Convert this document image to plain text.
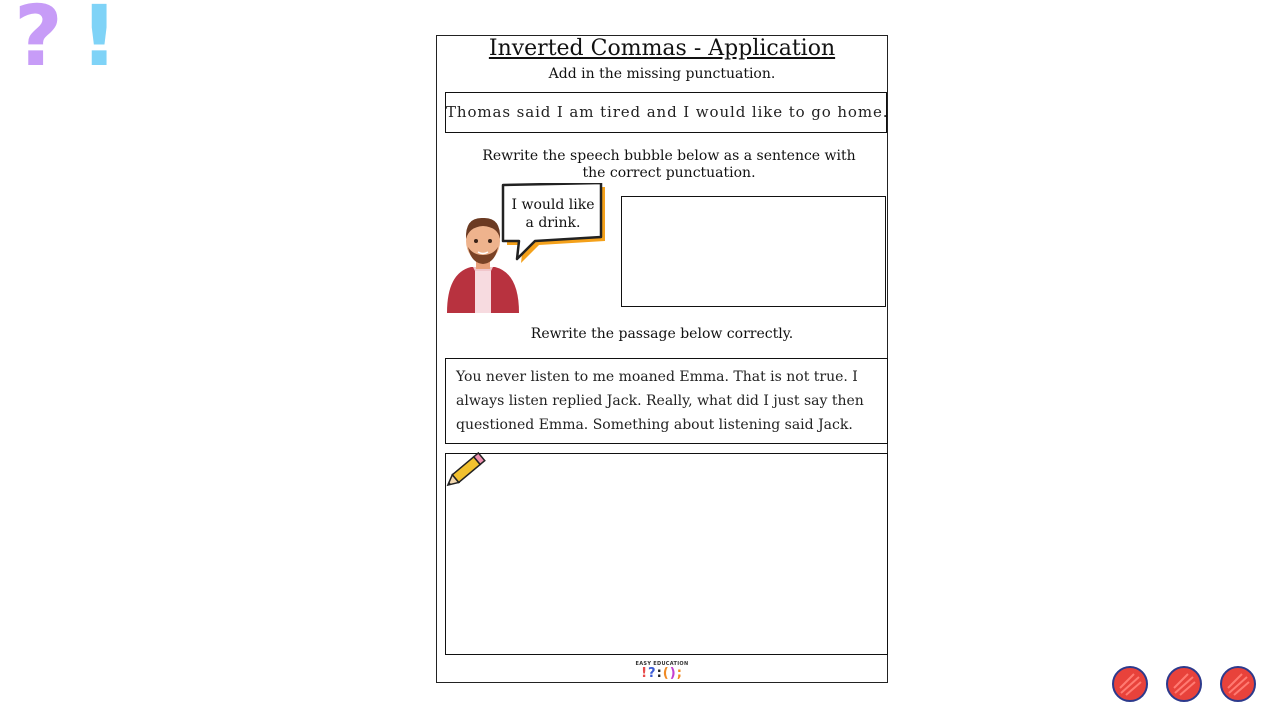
? !	Inverted Commas - Application
Add in the missing punctuation.
Thomas said I am tired and I would like to go home.
Rewrite the speech bubble below as a sentence with the correct punctuation.
I would like a drink.
Rewrite the passage below correctly.
You never listen to me moaned Emma. That is not true. I always listen replied Jack. Really, what did I just say then questioned Emma. Something about listening said Jack.
EASY EDUCATION
!?:();
